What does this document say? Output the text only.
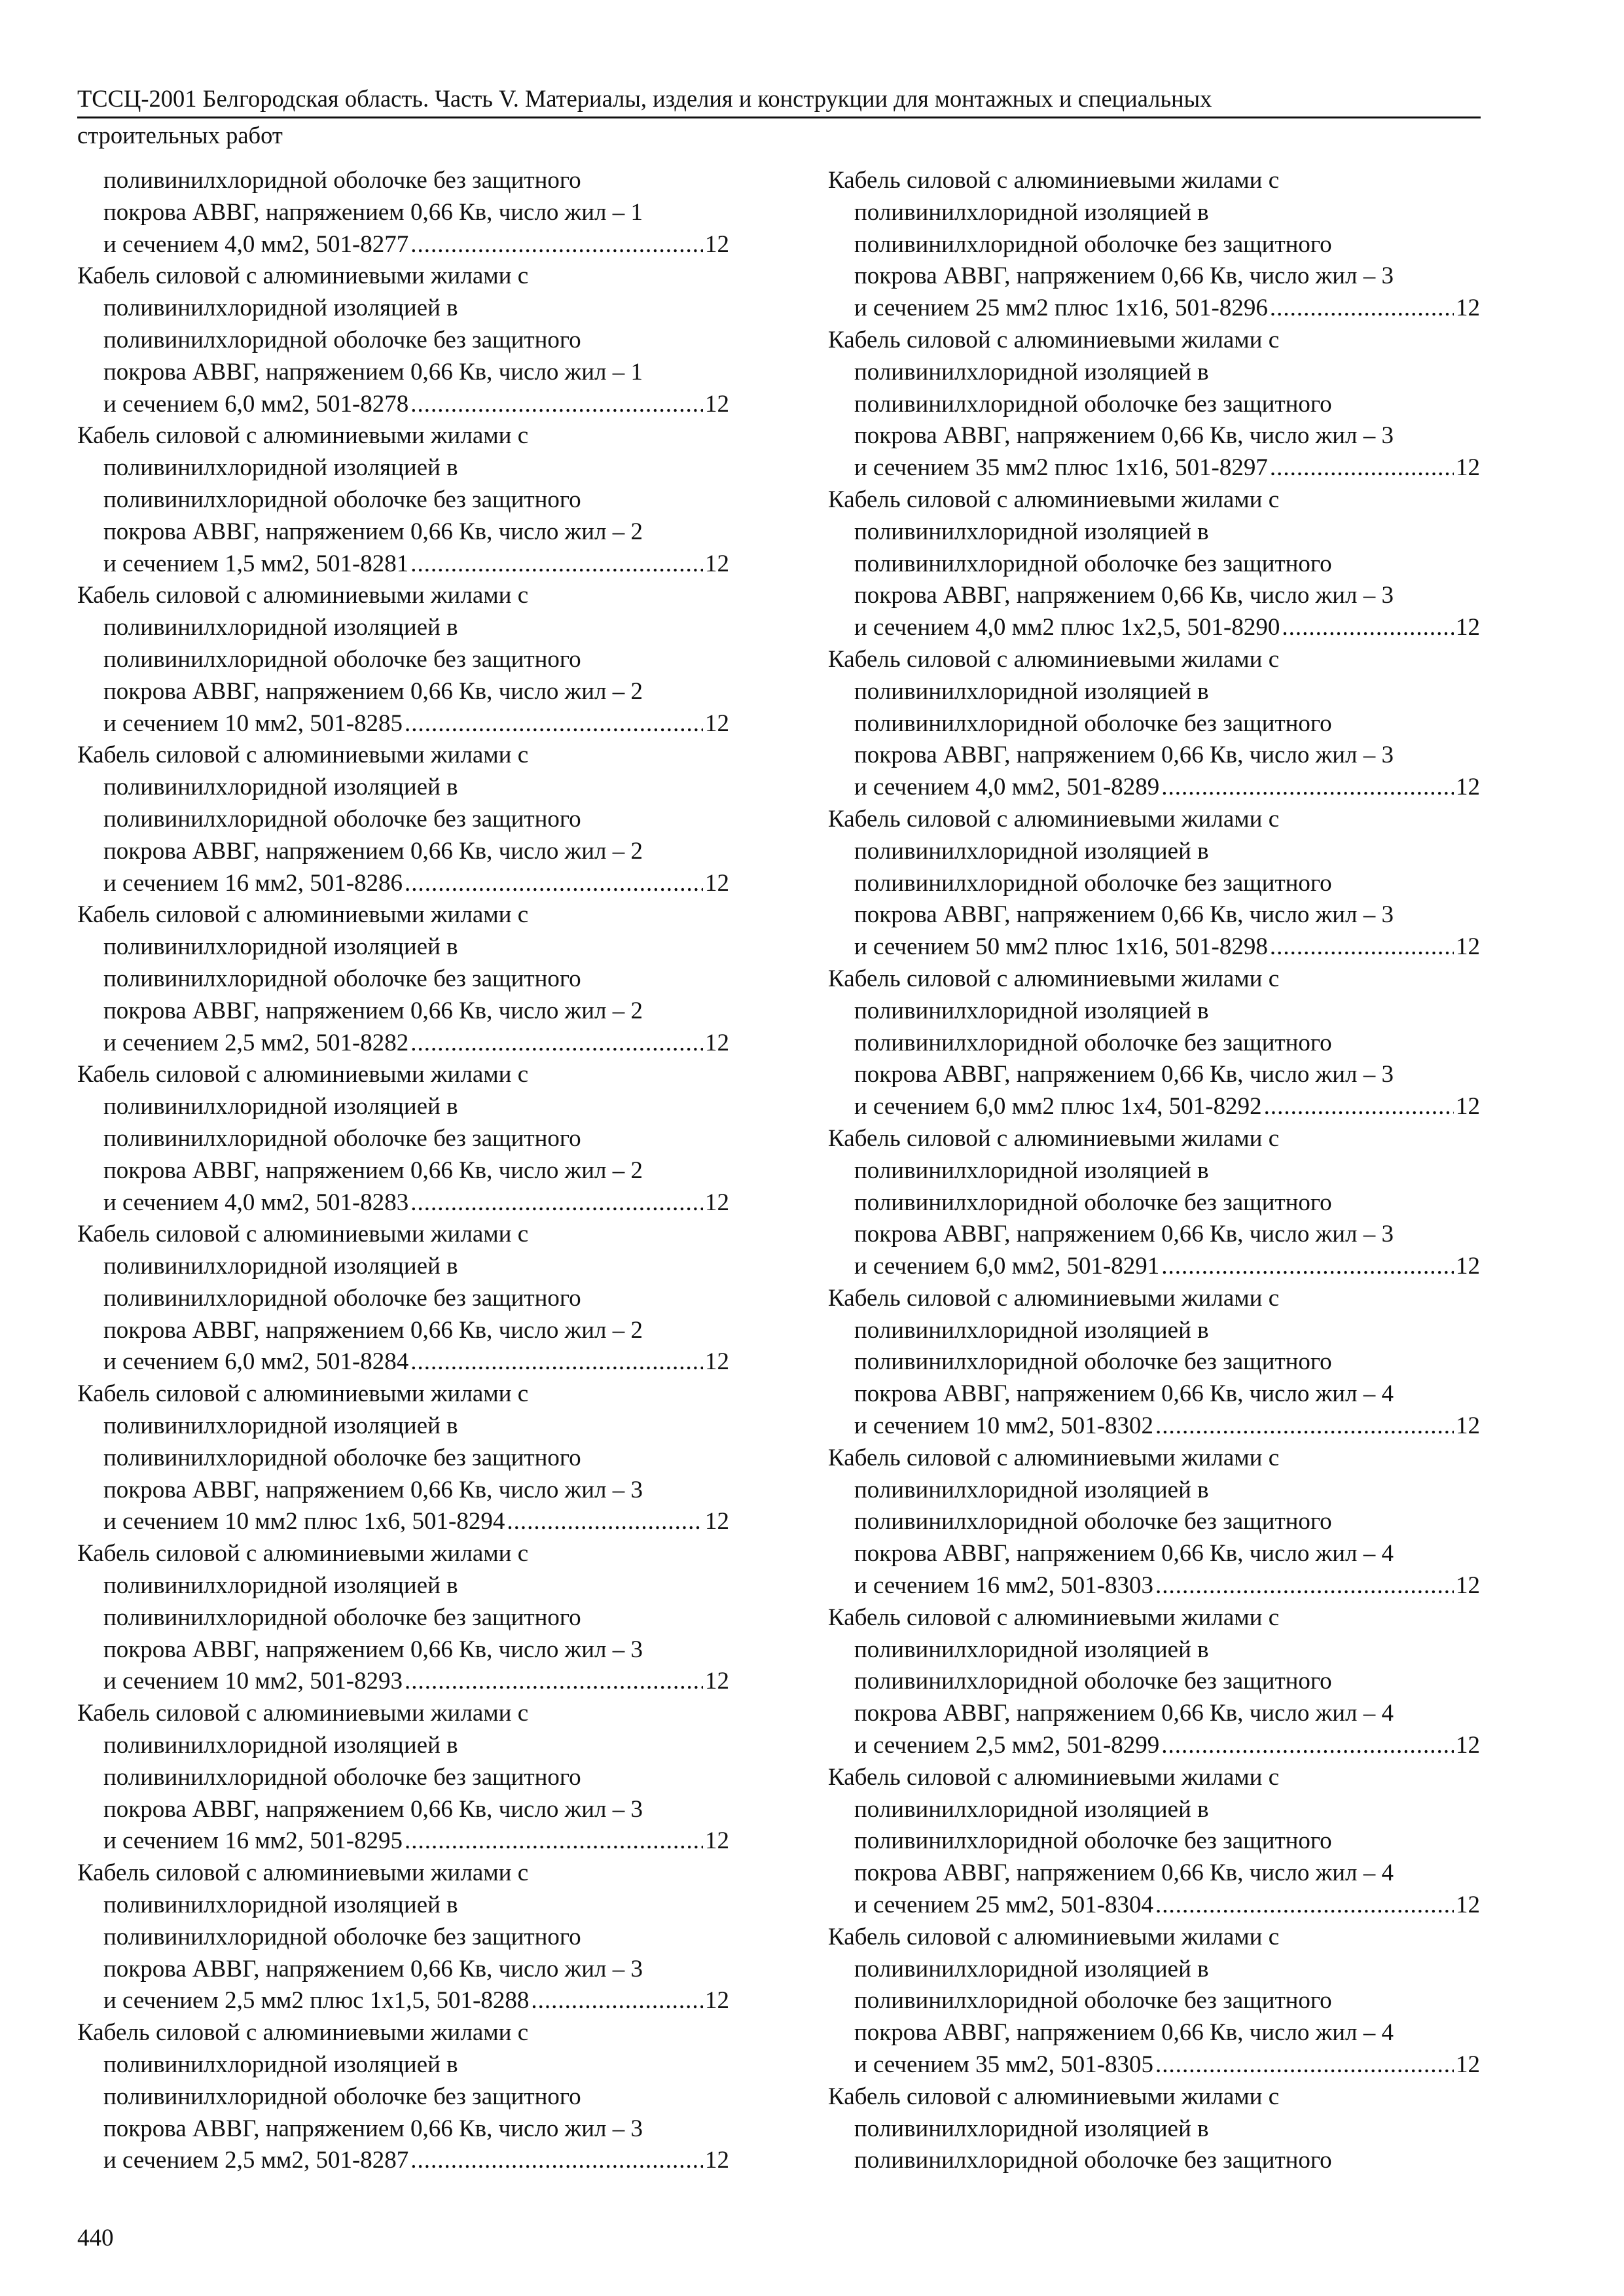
ТССЦ-2001 Белгородская область. Часть V. Материалы, изделия и конструкции для монтажных и специальных
строительных работ
поливинилхлоридной оболочке без защитного
покрова АВВГ, напряжением 0,66 Кв, число жил – 1
и сечением 4,0 мм2, 501-8277 .....	12
Кабель силовой с алюминиевыми жилами с
поливинилхлоридной изоляцией в
поливинилхлоридной оболочке без защитного
покрова АВВГ, напряжением 0,66 Кв, число жил – 1
и сечением 6,0 мм2, 501-8278 .....	12
Кабель силовой с алюминиевыми жилами с
поливинилхлоридной изоляцией в
поливинилхлоридной оболочке без защитного
покрова АВВГ, напряжением 0,66 Кв, число жил – 2
и сечением 1,5 мм2, 501-8281 .....	12
Кабель силовой с алюминиевыми жилами с
поливинилхлоридной изоляцией в
поливинилхлоридной оболочке без защитного
покрова АВВГ, напряжением 0,66 Кв, число жил – 2
и сечением 10 мм2, 501-8285 .....	12
Кабель силовой с алюминиевыми жилами с
поливинилхлоридной изоляцией в
поливинилхлоридной оболочке без защитного
покрова АВВГ, напряжением 0,66 Кв, число жил – 2
и сечением 16 мм2, 501-8286 .....	12
Кабель силовой с алюминиевыми жилами с
поливинилхлоридной изоляцией в
поливинилхлоридной оболочке без защитного
покрова АВВГ, напряжением 0,66 Кв, число жил – 2
и сечением 2,5 мм2, 501-8282 .....	12
Кабель силовой с алюминиевыми жилами с
поливинилхлоридной изоляцией в
поливинилхлоридной оболочке без защитного
покрова АВВГ, напряжением 0,66 Кв, число жил – 2
и сечением 4,0 мм2, 501-8283 .....	12
Кабель силовой с алюминиевыми жилами с
поливинилхлоридной изоляцией в
поливинилхлоридной оболочке без защитного
покрова АВВГ, напряжением 0,66 Кв, число жил – 2
и сечением 6,0 мм2, 501-8284 .....	12
Кабель силовой с алюминиевыми жилами с
поливинилхлоридной изоляцией в
поливинилхлоридной оболочке без защитного
покрова АВВГ, напряжением 0,66 Кв, число жил – 3
и сечением 10 мм2 плюс 1х6, 501-8294 .....	12
Кабель силовой с алюминиевыми жилами с
поливинилхлоридной изоляцией в
поливинилхлоридной оболочке без защитного
покрова АВВГ, напряжением 0,66 Кв, число жил – 3
и сечением 10 мм2, 501-8293 .....	12
Кабель силовой с алюминиевыми жилами с
поливинилхлоридной изоляцией в
поливинилхлоридной оболочке без защитного
покрова АВВГ, напряжением 0,66 Кв, число жил – 3
и сечением 16 мм2, 501-8295 .....	12
Кабель силовой с алюминиевыми жилами с
поливинилхлоридной изоляцией в
поливинилхлоридной оболочке без защитного
покрова АВВГ, напряжением 0,66 Кв, число жил – 3
и сечением 2,5 мм2 плюс 1х1,5, 501-8288 .....	12
Кабель силовой с алюминиевыми жилами с
поливинилхлоридной изоляцией в
поливинилхлоридной оболочке без защитного
покрова АВВГ, напряжением 0,66 Кв, число жил – 3
и сечением 2,5 мм2, 501-8287 .....	12
Кабель силовой с алюминиевыми жилами с
поливинилхлоридной изоляцией в
поливинилхлоридной оболочке без защитного
покрова АВВГ, напряжением 0,66 Кв, число жил – 3
и сечением 25 мм2 плюс 1х16, 501-8296 .....	12
Кабель силовой с алюминиевыми жилами с
поливинилхлоридной изоляцией в
поливинилхлоридной оболочке без защитного
покрова АВВГ, напряжением 0,66 Кв, число жил – 3
и сечением 35 мм2 плюс 1х16, 501-8297 .....	12
Кабель силовой с алюминиевыми жилами с
поливинилхлоридной изоляцией в
поливинилхлоридной оболочке без защитного
покрова АВВГ, напряжением 0,66 Кв, число жил – 3
и сечением 4,0 мм2 плюс 1х2,5, 501-8290 .....	12
Кабель силовой с алюминиевыми жилами с
поливинилхлоридной изоляцией в
поливинилхлоридной оболочке без защитного
покрова АВВГ, напряжением 0,66 Кв, число жил – 3
и сечением 4,0 мм2, 501-8289 .....	12
Кабель силовой с алюминиевыми жилами с
поливинилхлоридной изоляцией в
поливинилхлоридной оболочке без защитного
покрова АВВГ, напряжением 0,66 Кв, число жил – 3
и сечением 50 мм2 плюс 1х16, 501-8298 .....	12
Кабель силовой с алюминиевыми жилами с
поливинилхлоридной изоляцией в
поливинилхлоридной оболочке без защитного
покрова АВВГ, напряжением 0,66 Кв, число жил – 3
и сечением 6,0 мм2 плюс 1х4, 501-8292 .....	12
Кабель силовой с алюминиевыми жилами с
поливинилхлоридной изоляцией в
поливинилхлоридной оболочке без защитного
покрова АВВГ, напряжением 0,66 Кв, число жил – 3
и сечением 6,0 мм2, 501-8291 .....	12
Кабель силовой с алюминиевыми жилами с
поливинилхлоридной изоляцией в
поливинилхлоридной оболочке без защитного
покрова АВВГ, напряжением 0,66 Кв, число жил – 4
и сечением 10 мм2, 501-8302 .....	12
Кабель силовой с алюминиевыми жилами с
поливинилхлоридной изоляцией в
поливинилхлоридной оболочке без защитного
покрова АВВГ, напряжением 0,66 Кв, число жил – 4
и сечением 16 мм2, 501-8303 .....	12
Кабель силовой с алюминиевыми жилами с
поливинилхлоридной изоляцией в
поливинилхлоридной оболочке без защитного
покрова АВВГ, напряжением 0,66 Кв, число жил – 4
и сечением 2,5 мм2, 501-8299 .....	12
Кабель силовой с алюминиевыми жилами с
поливинилхлоридной изоляцией в
поливинилхлоридной оболочке без защитного
покрова АВВГ, напряжением 0,66 Кв, число жил – 4
и сечением 25 мм2, 501-8304 .....	12
Кабель силовой с алюминиевыми жилами с
поливинилхлоридной изоляцией в
поливинилхлоридной оболочке без защитного
покрова АВВГ, напряжением 0,66 Кв, число жил – 4
и сечением 35 мм2, 501-8305 .....	12
Кабель силовой с алюминиевыми жилами с
поливинилхлоридной изоляцией в
поливинилхлоридной оболочке без защитного
440
